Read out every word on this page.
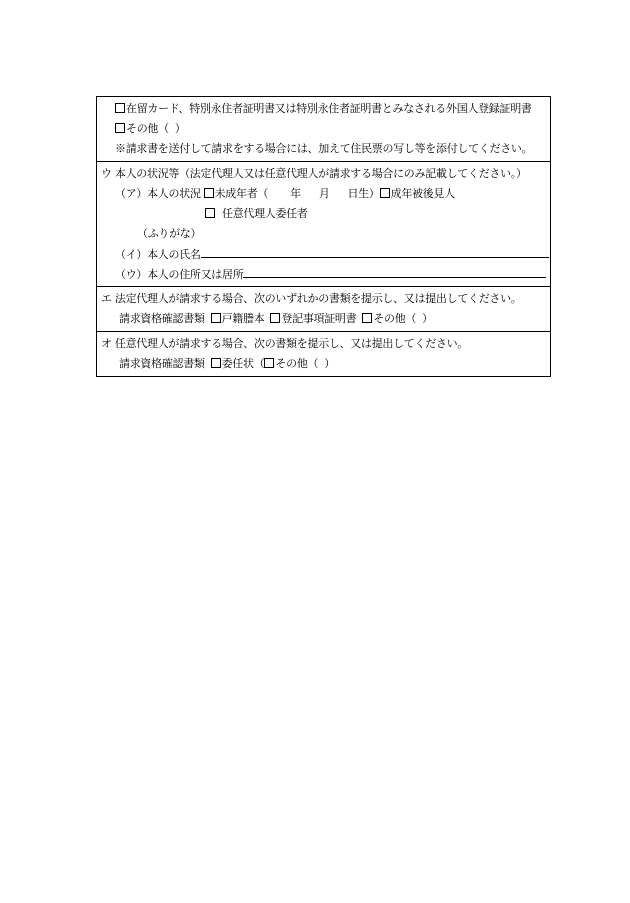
在留カード、特別永住者証明書又は特別永住者証明書とみなされる外国人登録証明書
その他（ ）
※請求書を送付して請求をする場合には、加えて住民票の写し等を添付してください。
ウ 本人の状況等（法定代理人又は任意代理人が請求する場合にのみ記載してください。）
（ア）本人の状況 未成年者（ 年 月 日生） 成年被後見人
任意代理人委任者
（ふりがな）
（イ）本人の氏名
（ウ）本人の住所又は居所
エ 法定代理人が請求する場合、次のいずれかの書類を提示し、又は提出してください。
請求資格確認書類 戸籍謄本 登記事項証明書 その他（ ）
オ 任意代理人が請求する場合、次の書類を提示し、又は提出してください。
請求資格確認書類 委任状（ その他（ ）
